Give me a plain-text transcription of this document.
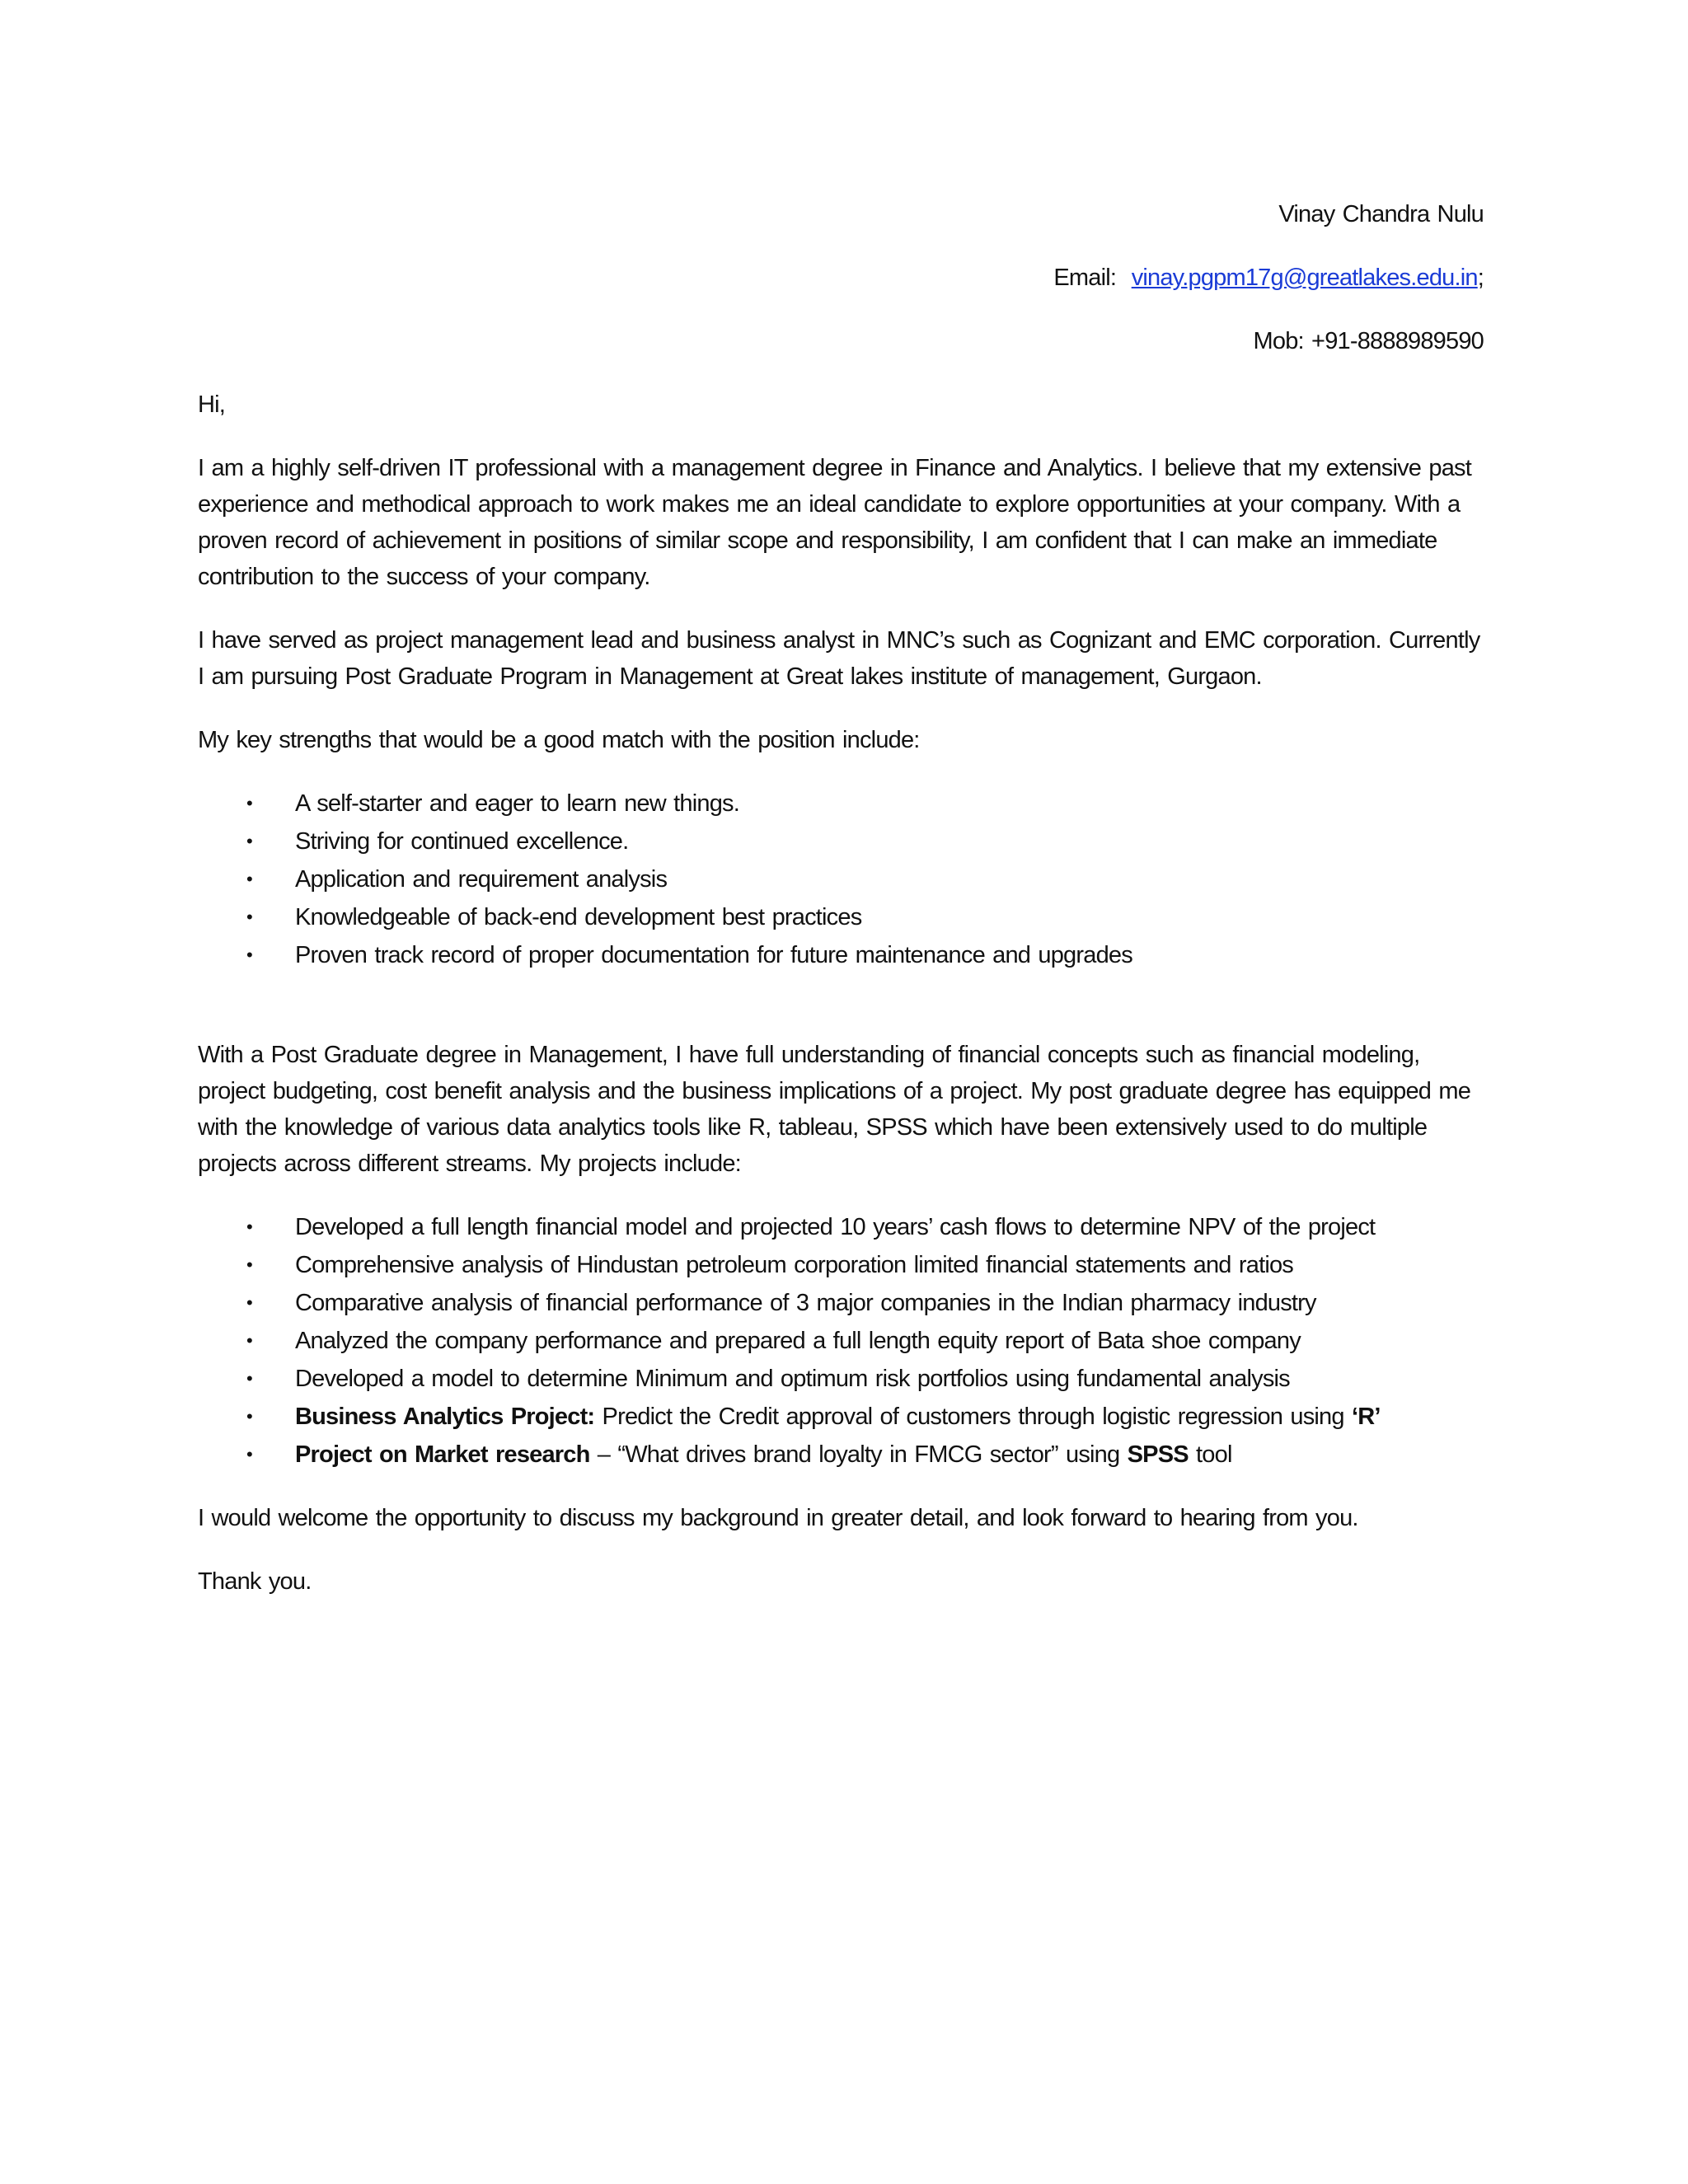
Vinay Chandra Nulu

Email: vinay.pgpm17g@greatlakes.edu.in;

Mob: +91-8888989590

Hi,

I am a highly self-driven IT professional with a management degree in Finance and Analytics. I believe that my extensive past experience and methodical approach to work makes me an ideal candidate to explore opportunities at your company. With a proven record of achievement in positions of similar scope and responsibility, I am confident that I can make an immediate contribution to the success of your company.

I have served as project management lead and business analyst in MNC’s such as Cognizant and EMC corporation. Currently I am pursuing Post Graduate Program in Management at Great lakes institute of management, Gurgaon.

My key strengths that would be a good match with the position include:

• A self-starter and eager to learn new things.
• Striving for continued excellence.
• Application and requirement analysis
• Knowledgeable of back-end development best practices
• Proven track record of proper documentation for future maintenance and upgrades

With a Post Graduate degree in Management, I have full understanding of financial concepts such as financial modeling, project budgeting, cost benefit analysis and the business implications of a project. My post graduate degree has equipped me with the knowledge of various data analytics tools like R, tableau, SPSS which have been extensively used to do multiple projects across different streams. My projects include:

• Developed a full length financial model and projected 10 years’ cash flows to determine NPV of the project
• Comprehensive analysis of Hindustan petroleum corporation limited financial statements and ratios
• Comparative analysis of financial performance of 3 major companies in the Indian pharmacy industry
• Analyzed the company performance and prepared a full length equity report of Bata shoe company
• Developed a model to determine Minimum and optimum risk portfolios using fundamental analysis
• Business Analytics Project: Predict the Credit approval of customers through logistic regression using ‘R’
• Project on Market research – “What drives brand loyalty in FMCG sector” using SPSS tool

I would welcome the opportunity to discuss my background in greater detail, and look forward to hearing from you.

Thank you.
